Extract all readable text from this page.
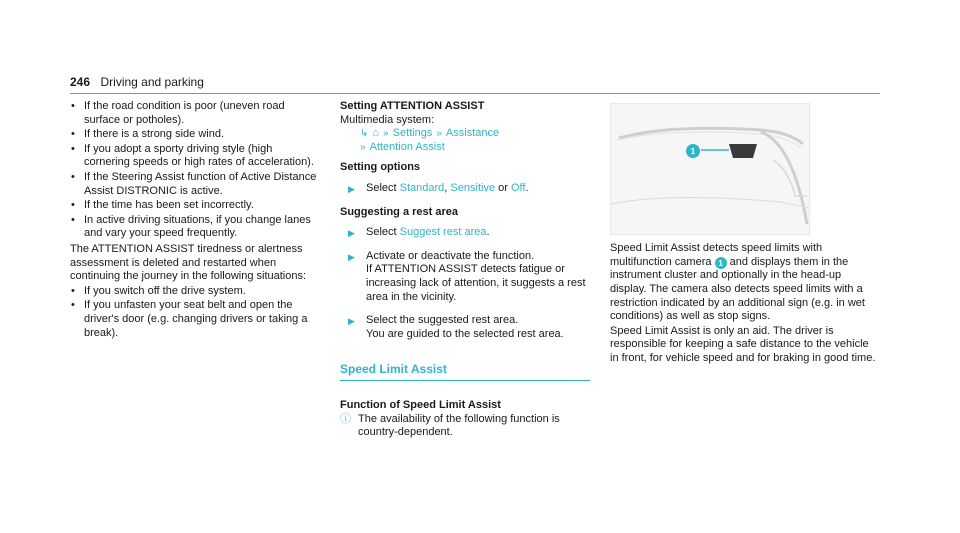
246 Driving and parking
• If the road condition is poor (uneven road surface or potholes).
• If there is a strong side wind.
• If you adopt a sporty driving style (high cornering speeds or high rates of acceleration).
• If the Steering Assist function of Active Distance Assist DISTRONIC is active.
• If the time has been set incorrectly.
• In active driving situations, if you change lanes and vary your speed frequently.

The ATTENTION ASSIST tiredness or alertness assessment is deleted and restarted when continuing the journey in the following situations:

• If you switch off the drive system.
• If you unfasten your seat belt and open the driver's door (e.g. changing drivers or taking a break).

Setting ATTENTION ASSIST

Multimedia system:

↳ ⌂ » Settings » Assistance
» Attention Assist

Setting options

▶ Select Standard, Sensitive or Off.

Suggesting a rest area

▶ Select Suggest rest area.
▶ Activate or deactivate the function.

If ATTENTION ASSIST detects fatigue or increasing lack of attention, it suggests a rest area in the vicinity.

▶ Select the suggested rest area.

You are guided to the selected rest area.

Speed Limit Assist

Function of Speed Limit Assist

ⓘ The availability of the following function is country-dependent.
1

Speed Limit Assist detects speed limits with multifunction camera 1 and displays them in the instrument cluster and optionally in the head-up display. The camera also detects speed limits with a restriction indicated by an additional sign (e.g. in wet conditions) as well as stop signs.

Speed Limit Assist is only an aid. The driver is responsible for keeping a safe distance to the vehicle in front, for vehicle speed and for braking in good time.
